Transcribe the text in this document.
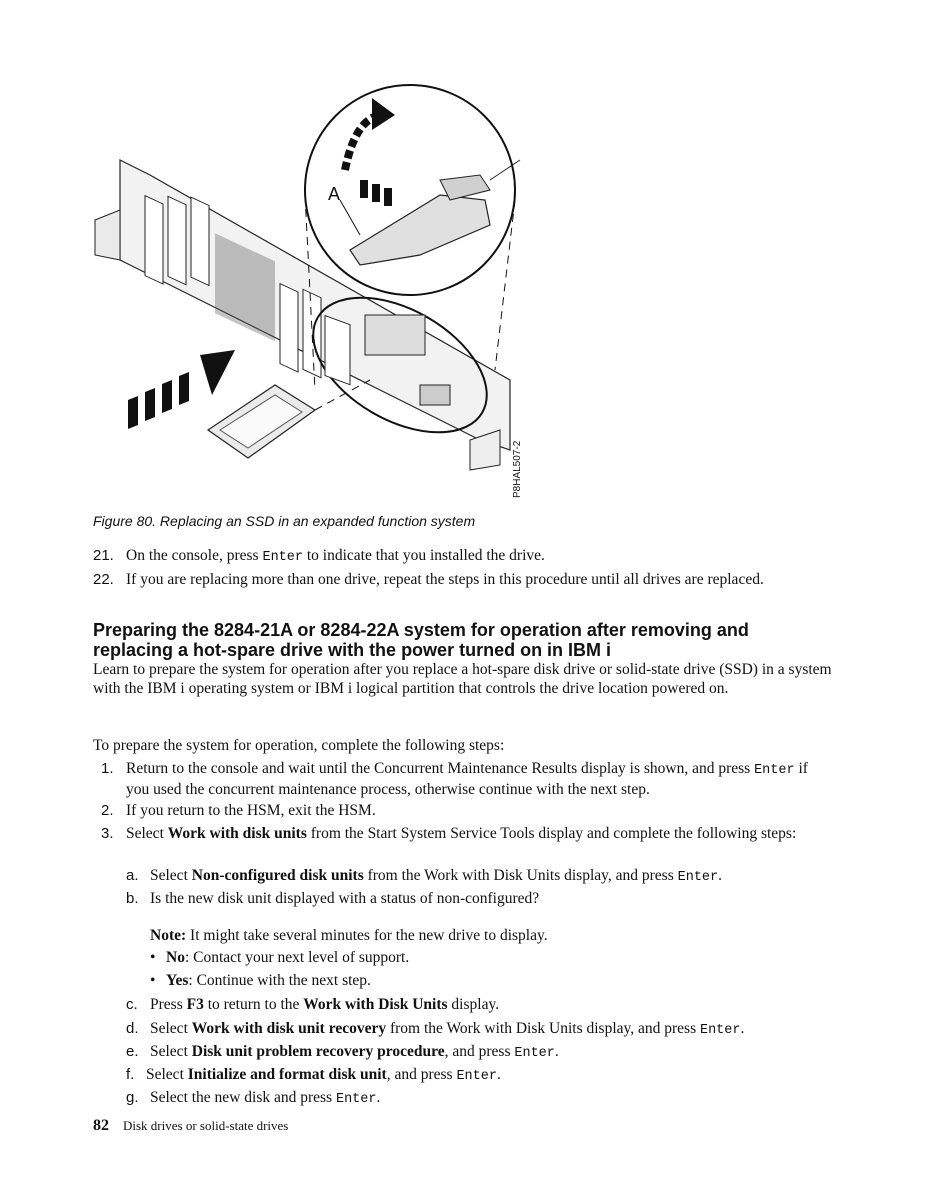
A
P8HAL507-2
Figure 80. Replacing an SSD in an expanded function system
21. On the console, press Enter to indicate that you installed the drive.
22. If you are replacing more than one drive, repeat the steps in this procedure until all drives are replaced.
Preparing the 8284-21A or 8284-22A system for operation after removing and replacing a hot-spare drive with the power turned on in IBM i
Learn to prepare the system for operation after you replace a hot-spare disk drive or solid-state drive (SSD) in a system with the IBM i operating system or IBM i logical partition that controls the drive location powered on.
To prepare the system for operation, complete the following steps:
1. Return to the console and wait until the Concurrent Maintenance Results display is shown, and press Enter if you used the concurrent maintenance process, otherwise continue with the next step.
2. If you return to the HSM, exit the HSM.
3. Select Work with disk units from the Start System Service Tools display and complete the following steps:
a. Select Non-configured disk units from the Work with Disk Units display, and press Enter.
b. Is the new disk unit displayed with a status of non-configured?
Note: It might take several minutes for the new drive to display.
• No: Contact your next level of support.
• Yes: Continue with the next step.
c. Press F3 to return to the Work with Disk Units display.
d. Select Work with disk unit recovery from the Work with Disk Units display, and press Enter.
e. Select Disk unit problem recovery procedure, and press Enter.
f. Select Initialize and format disk unit, and press Enter.
g. Select the new disk and press Enter.
82 Disk drives or solid-state drives
